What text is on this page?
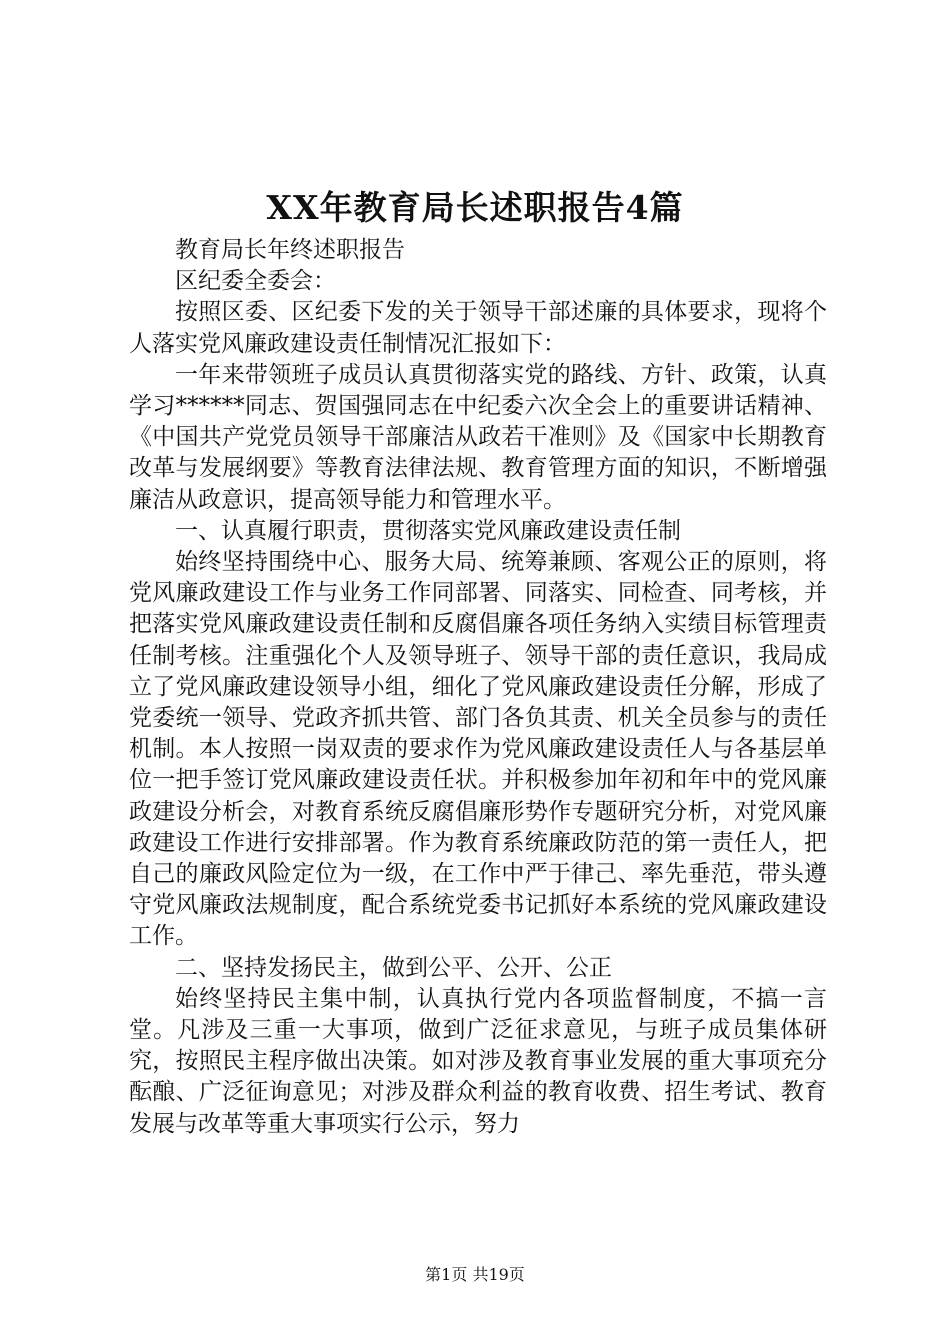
XX年教育局长述职报告4篇

教育局长年终述职报告

区纪委全委会：

按照区委、区纪委下发的关于领导干部述廉的具体要求，现将个人落实党风廉政建设责任制情况汇报如下：

一年来带领班子成员认真贯彻落实党的路线、方针、政策，认真学习******同志、贺国强同志在中纪委六次全会上的重要讲话精神、《中国共产党党员领导干部廉洁从政若干准则》及《国家中长期教育改革与发展纲要》等教育法律法规、教育管理方面的知识，不断增强廉洁从政意识，提高领导能力和管理水平。

一、认真履行职责，贯彻落实党风廉政建设责任制

始终坚持围绕中心、服务大局、统筹兼顾、客观公正的原则，将党风廉政建设工作与业务工作同部署、同落实、同检查、同考核，并把落实党风廉政建设责任制和反腐倡廉各项任务纳入实绩目标管理责任制考核。注重强化个人及领导班子、领导干部的责任意识，我局成立了党风廉政建设领导小组，细化了党风廉政建设责任分解，形成了党委统一领导、党政齐抓共管、部门各负其责、机关全员参与的责任机制。本人按照一岗双责的要求作为党风廉政建设责任人与各基层单位一把手签订党风廉政建设责任状。并积极参加年初和年中的党风廉政建设分析会，对教育系统反腐倡廉形势作专题研究分析，对党风廉政建设工作进行安排部署。作为教育系统廉政防范的第一责任人，把自己的廉政风险定位为一级，在工作中严于律己、率先垂范，带头遵守党风廉政法规制度，配合系统党委书记抓好本系统的党风廉政建设工作。

二、坚持发扬民主，做到公平、公开、公正

始终坚持民主集中制，认真执行党内各项监督制度，不搞一言堂。凡涉及三重一大事项，做到广泛征求意见，与班子成员集体研究，按照民主程序做出决策。如对涉及教育事业发展的重大事项充分酝酿、广泛征询意见；对涉及群众利益的教育收费、招生考试、教育发展与改革等重大事项实行公示，努力

第1页 共19页
